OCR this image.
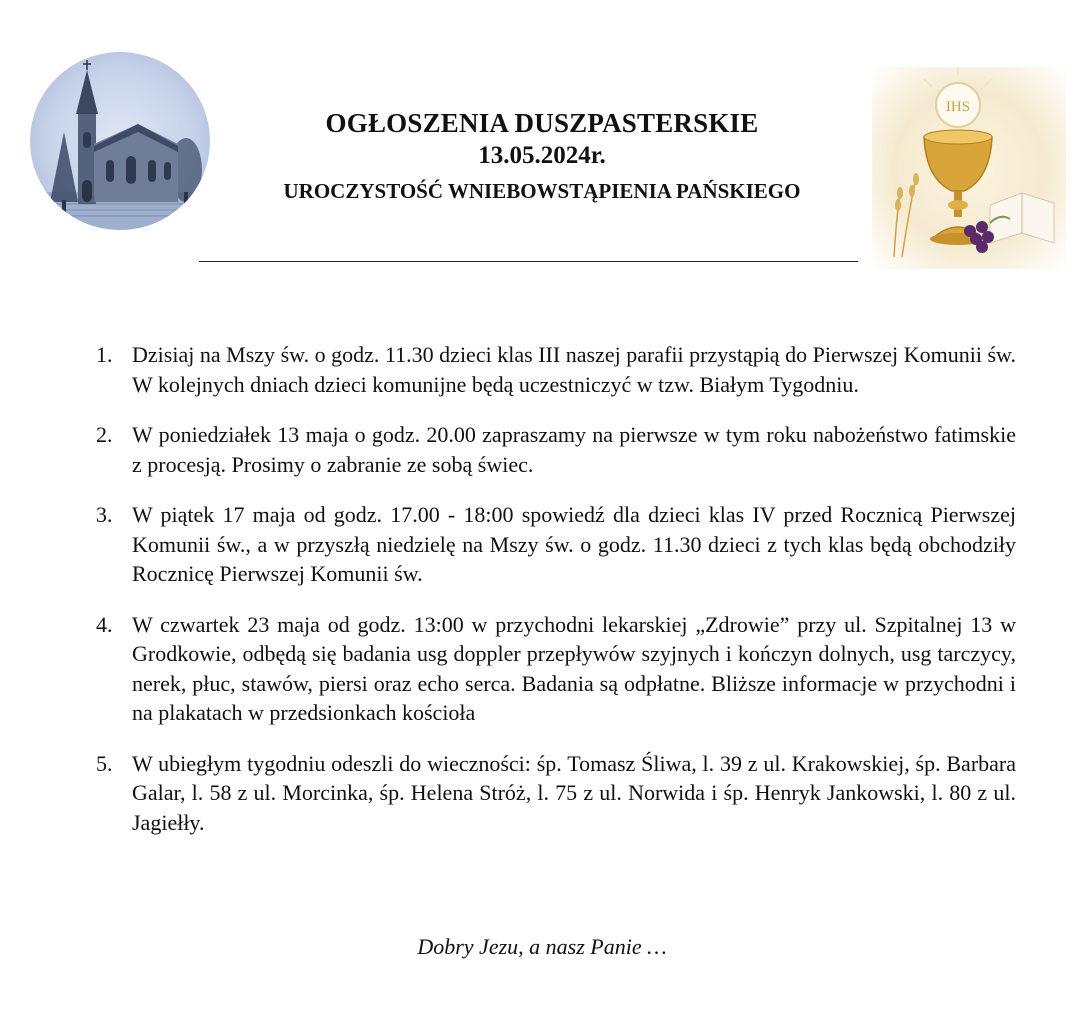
OGŁOSZENIA DUSZPASTERSKIE
13.05.2024r.
UROCZYSTOŚĆ WNIEBOWSTĄPIENIA PAŃSKIEGO
IHS
1. Dzisiaj na Mszy św. o godz. 11.30 dzieci klas III naszej parafii przystąpią do Pierwszej Komunii św. W kolejnych dniach dzieci komunijne będą uczestniczyć w tzw. Białym Tygodniu.
2. W poniedziałek 13 maja o godz. 20.00 zapraszamy na pierwsze w tym roku nabożeństwo fatimskie z procesją. Prosimy o zabranie ze sobą świec.
3. W piątek 17 maja od godz. 17.00 - 18:00 spowiedź dla dzieci klas IV przed Rocznicą Pierwszej Komunii św., a w przyszłą niedzielę na Mszy św. o godz. 11.30 dzieci z tych klas będą obchodziły Rocznicę Pierwszej Komunii św.
4. W czwartek 23 maja od godz. 13:00 w przychodni lekarskiej „Zdrowie” przy ul. Szpitalnej 13 w Grodkowie, odbędą się badania usg doppler przepływów szyjnych i kończyn dolnych, usg tarczycy, nerek, płuc, stawów, piersi oraz echo serca. Badania są odpłatne. Bliższe informacje w przychodni i na plakatach w przedsionkach kościoła
5. W ubiegłym tygodniu odeszli do wieczności: śp. Tomasz Śliwa, l. 39 z ul. Krakowskiej, śp. Barbara Galar, l. 58 z ul. Morcinka, śp. Helena Stróż, l. 75 z ul. Norwida i śp. Henryk Jankowski, l. 80 z ul. Jagiełły.
Dobry Jezu, a nasz Panie …
